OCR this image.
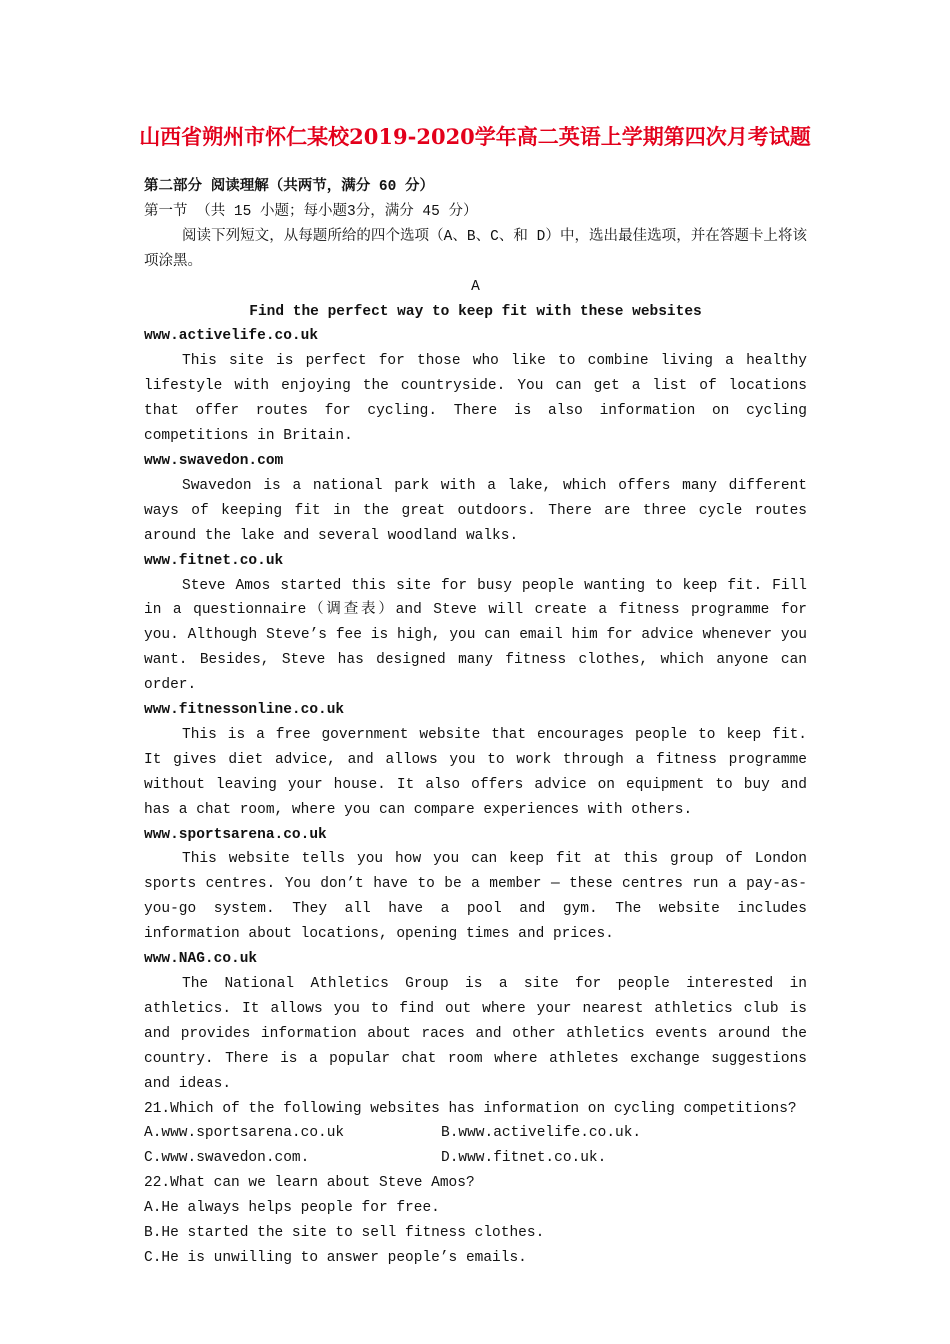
山西省朔州市怀仁某校2019-2020学年高二英语上学期第四次月考试题

第二部分 阅读理解（共两节，满分 60 分）

第一节 （共 15 小题；每小题3分，满分 45 分）

阅读下列短文，从每题所给的四个选项（A、B、C、和 D）中，选出最佳选项，并在答题卡上将该项涂黑。

A

Find the perfect way to keep fit with these websites

www.activelife.co.uk

This site is perfect for those who like to combine living a healthy lifestyle with enjoying the countryside. You can get a list of locations that offer routes for cycling. There is also information on cycling competitions in Britain.

www.swavedon.com

Swavedon is a national park with a lake, which offers many different ways of keeping fit in the great outdoors. There are three cycle routes around the lake and several woodland walks.

www.fitnet.co.uk

Steve Amos started this site for busy people wanting to keep fit. Fill in a questionnaire（调查表）and Steve will create a fitness programme for you. Although Steve’s fee is high, you can email him for advice whenever you want. Besides, Steve has designed many fitness clothes, which anyone can order.

www.fitnessonline.co.uk

This is a free government website that encourages people to keep fit. It gives diet advice, and allows you to work through a fitness programme without leaving your house. It also offers advice on equipment to buy and has a chat room, where you can compare experiences with others.

www.sportsarena.co.uk

This website tells you how you can keep fit at this group of London sports centres. You don’t have to be a member — these centres run a pay-as-you-go system. They all have a pool and gym. The website includes information about locations, opening times and prices.

www.NAG.co.uk

The National Athletics Group is a site for people interested in athletics. It allows you to find out where your nearest athletics club is and provides information about races and other athletics events around the country. There is a popular chat room where athletes exchange suggestions and ideas.

21.Which of the following websites has information on cycling competitions?

A.www.sportsarena.co.uk	B.www.activelife.co.uk.
C.www.swavedon.com.	D.www.fitnet.co.uk.

22.What can we learn about Steve Amos?

A.He always helps people for free.

B.He started the site to sell fitness clothes.

C.He is unwilling to answer people’s emails.
